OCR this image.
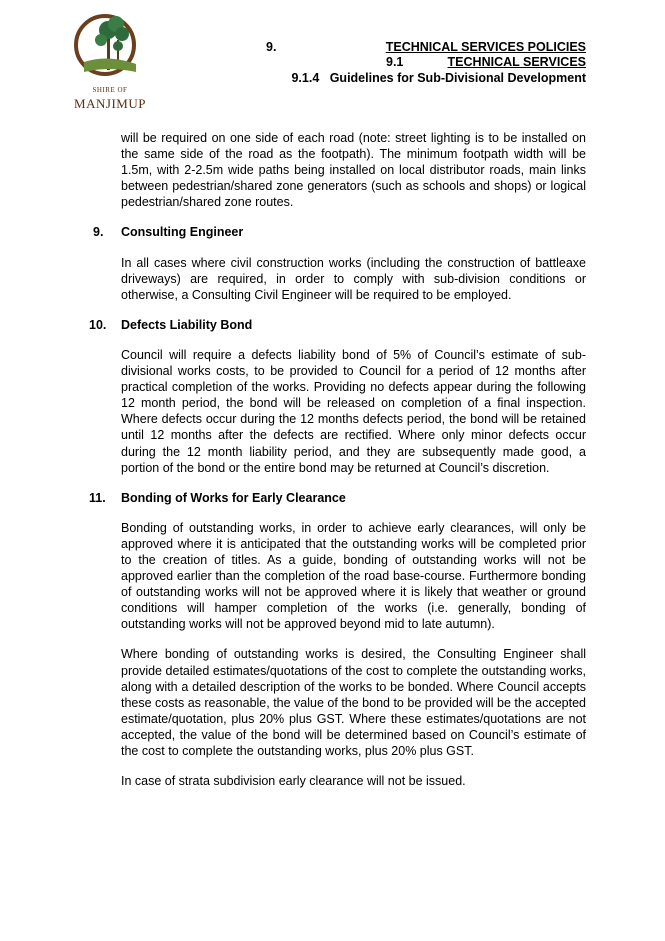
SHIRE OF
MANJIMUP
9.	TECHNICAL SERVICES POLICIES
9.1	TECHNICAL SERVICES
9.1.4   Guidelines for Sub-Divisional Development

will be required on one side of each road (note: street lighting is to be installed on the same side of the road as the footpath). The minimum footpath width will be 1.5m, with 2-2.5m wide paths being installed on local distributor roads, main links between pedestrian/shared zone generators (such as schools and shops) or logical pedestrian/shared zone routes.

9. Consulting Engineer

In all cases where civil construction works (including the construction of battleaxe driveways) are required, in order to comply with sub-division conditions or otherwise, a Consulting Civil Engineer will be required to be employed.

10. Defects Liability Bond

Council will require a defects liability bond of 5% of Council’s estimate of sub-divisional works costs, to be provided to Council for a period of 12 months after practical completion of the works. Providing no defects appear during the following 12 month period, the bond will be released on completion of a final inspection. Where defects occur during the 12 months defects period, the bond will be retained until 12 months after the defects are rectified. Where only minor defects occur during the 12 month liability period, and they are subsequently made good, a portion of the bond or the entire bond may be returned at Council’s discretion.

11. Bonding of Works for Early Clearance

Bonding of outstanding works, in order to achieve early clearances, will only be approved where it is anticipated that the outstanding works will be completed prior to the creation of titles. As a guide, bonding of outstanding works will not be approved earlier than the completion of the road base-course. Furthermore bonding of outstanding works will not be approved where it is likely that weather or ground conditions will hamper completion of the works (i.e. generally, bonding of outstanding works will not be approved beyond mid to late autumn).

Where bonding of outstanding works is desired, the Consulting Engineer shall provide detailed estimates/quotations of the cost to complete the outstanding works, along with a detailed description of the works to be bonded. Where Council accepts these costs as reasonable, the value of the bond to be provided will be the accepted estimate/quotation, plus 20% plus GST. Where these estimates/quotations are not accepted, the value of the bond will be determined based on Council’s estimate of the cost to complete the outstanding works, plus 20% plus GST.

In case of strata subdivision early clearance will not be issued.
